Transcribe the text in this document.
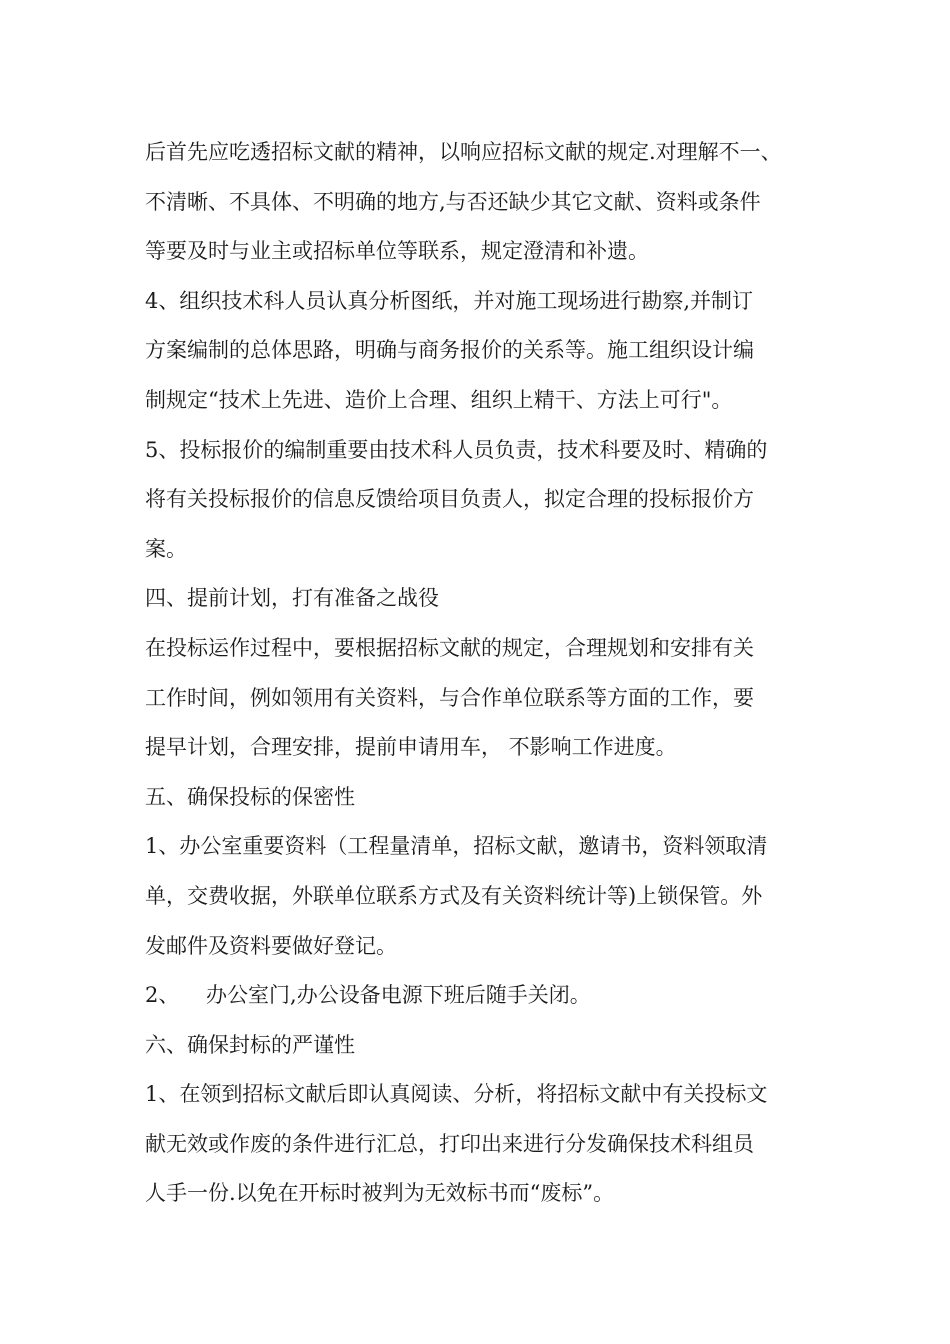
后首先应吃透招标文献的精神，以响应招标文献的规定.对理解不一、
不清晰、不具体、不明确的地方,与否还缺少其它文献、资料或条件
等要及时与业主或招标单位等联系，规定澄清和补遗。

4、组织技术科人员认真分析图纸，并对施工现场进行勘察,并制订
方案编制的总体思路，明确与商务报价的关系等。施工组织设计编
制规定“技术上先进、造价上合理、组织上精干、方法上可行"。

5、投标报价的编制重要由技术科人员负责，技术科要及时、精确的
将有关投标报价的信息反馈给项目负责人，拟定合理的投标报价方
案。

四、提前计划，打有准备之战役

在投标运作过程中，要根据招标文献的规定，合理规划和安排有关
工作时间，例如领用有关资料，与合作单位联系等方面的工作，要
提早计划，合理安排，提前申请用车， 不影响工作进度。

五、确保投标的保密性

1、办公室重要资料（工程量清单，招标文献，邀请书，资料领取清
单，交费收据，外联单位联系方式及有关资料统计等)上锁保管。外
发邮件及资料要做好登记。

2、    办公室门,办公设备电源下班后随手关闭。

六、确保封标的严谨性

1、在领到招标文献后即认真阅读、分析，将招标文献中有关投标文
献无效或作废的条件进行汇总，打印出来进行分发确保技术科组员
人手一份.以免在开标时被判为无效标书而“废标”。
